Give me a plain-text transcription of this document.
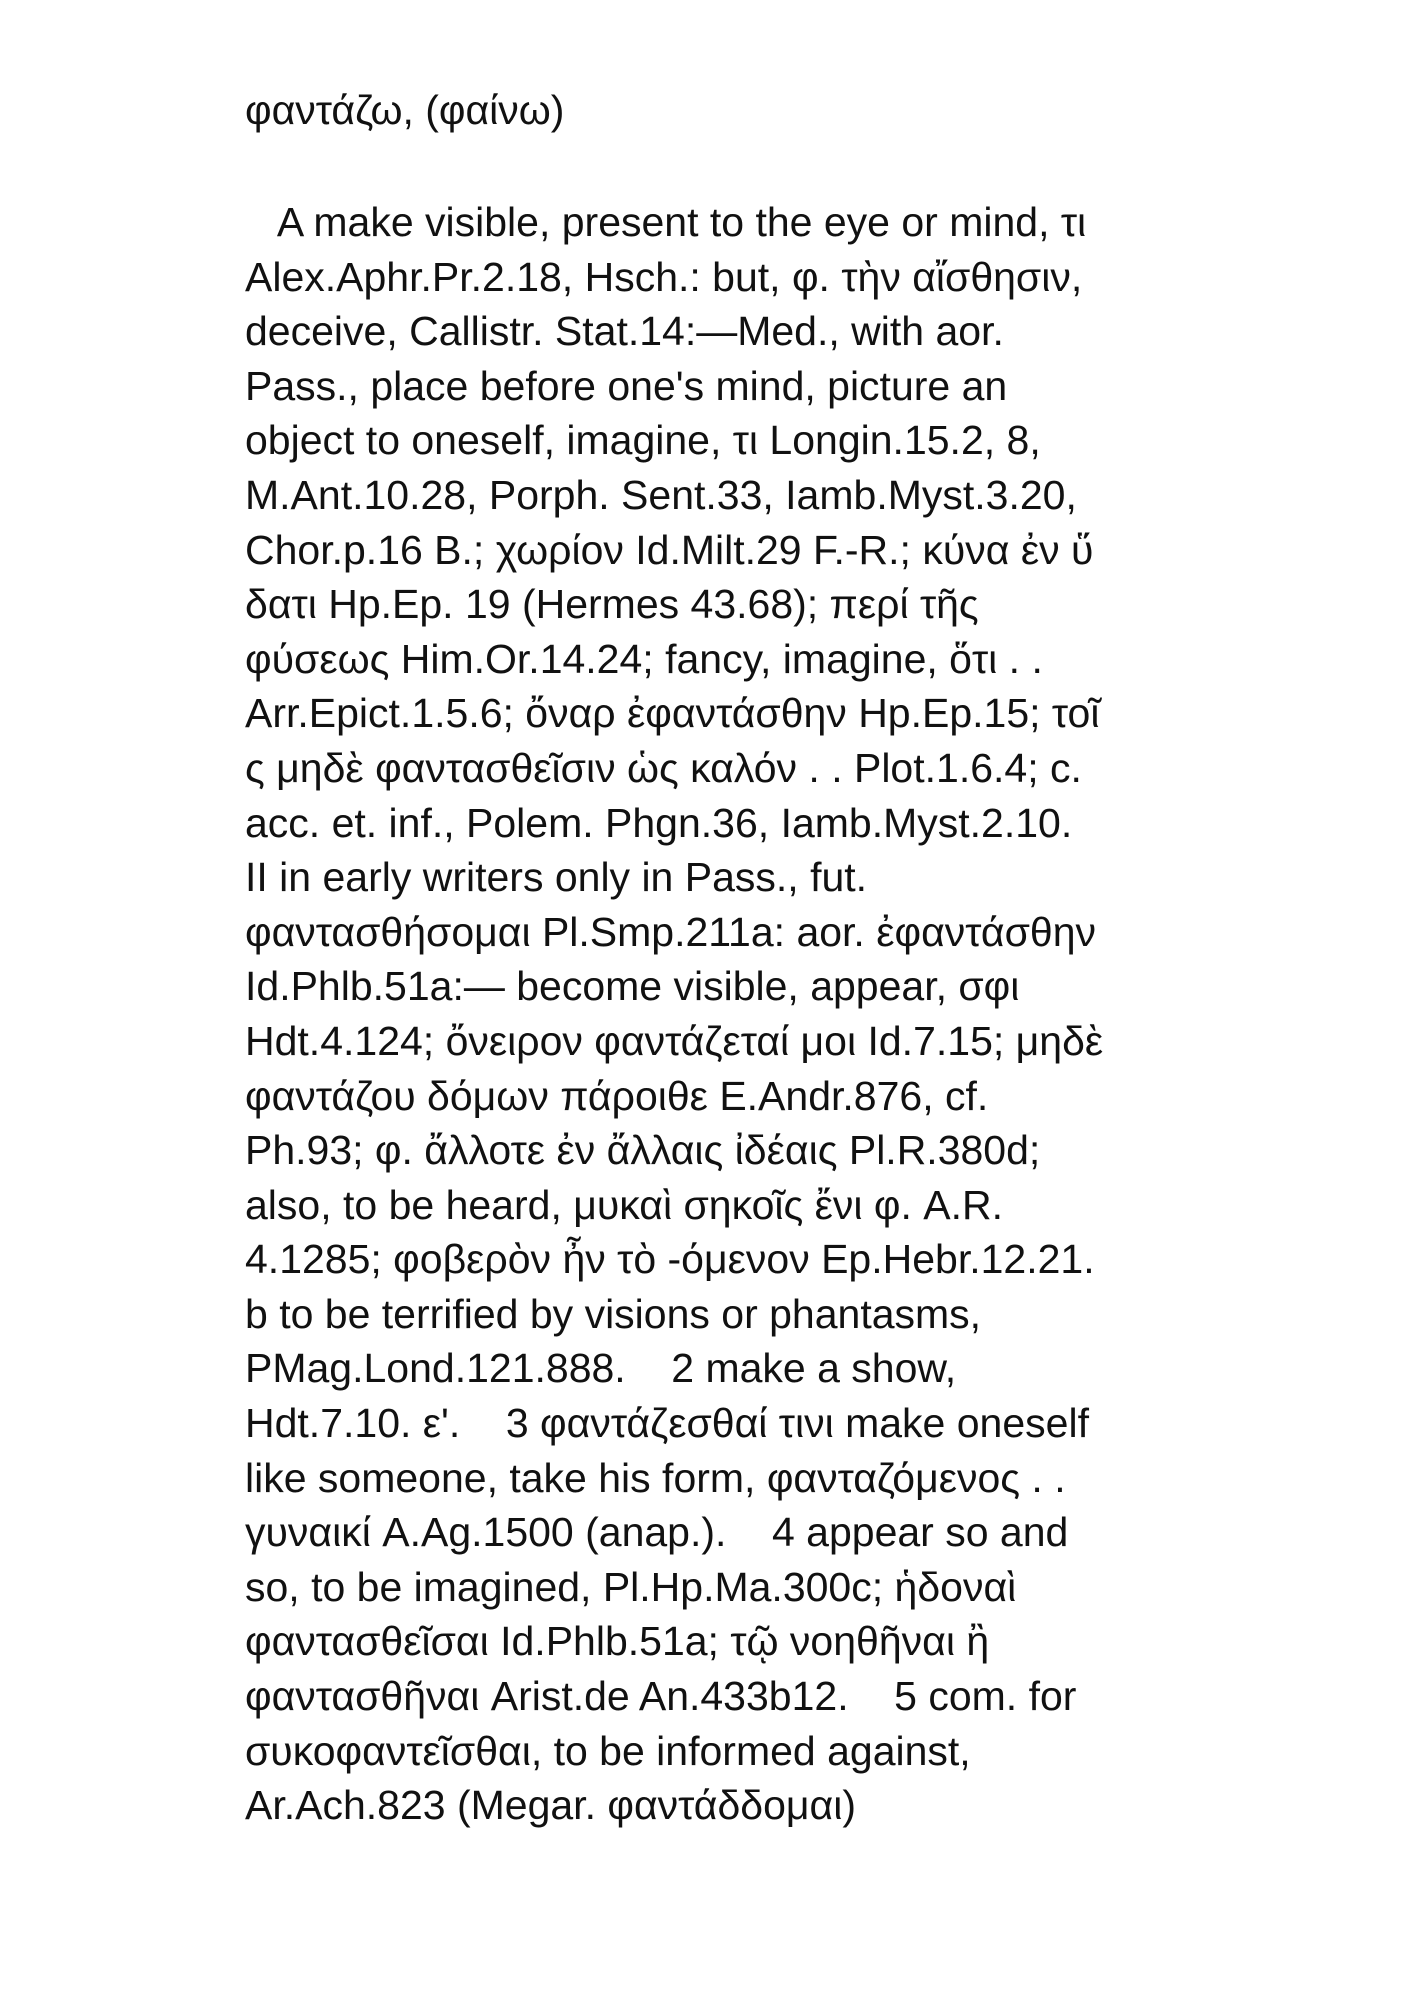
φαντάζω, (φαίνω)
A make visible, present to the eye or mind, τι
Alex.Aphr.Pr.2.18, Hsch.: but, φ. τὴν αἴσθησιν,
deceive, Callistr. Stat.14:—Med., with aor.
Pass., place before one's mind, picture an
object to oneself, imagine, τι Longin.15.2, 8,
M.Ant.10.28, Porph. Sent.33, Iamb.Myst.3.20,
Chor.p.16 B.; χωρίον Id.Milt.29 F.-R.; κύνα ἐν ὕ
δατι Hp.Ep. 19 (Hermes 43.68); περί τῆς
φύσεως Him.Or.14.24; fancy, imagine, ὅτι . .
Arr.Epict.1.5.6; ὄναρ ἐφαντάσθην Hp.Ep.15; τοῖ
ς μηδὲ φαντασθεῖσιν ὡς καλόν . . Plot.1.6.4; c.
acc. et. inf., Polem. Phgn.36, Iamb.Myst.2.10.
II in early writers only in Pass., fut.
φαντασθήσομαι Pl.Smp.211a: aor. ἐφαντάσθην
Id.Phlb.51a:— become visible, appear, σφι
Hdt.4.124; ὄνειρον φαντάζεταί μοι Id.7.15; μηδὲ
φαντάζου δόμων πάροιθε E.Andr.876, cf.
Ph.93; φ. ἄλλοτε ἐν ἄλλαις ἰδέαις Pl.R.380d;
also, to be heard, μυκαὶ σηκοῖς ἔνι φ. A.R.
4.1285; φοβερὸν ἦν τὸ -όμενον Ep.Hebr.12.21.
b to be terrified by visions or phantasms,
PMag.Lond.121.888.    2 make a show,
Hdt.7.10. ε'.    3 φαντάζεσθαί τινι make oneself
like someone, take his form, φανταζόμενος . .
γυναικί A.Ag.1500 (anap.).    4 appear so and
so, to be imagined, Pl.Hp.Ma.300c; ἡδοναὶ
φαντασθεῖσαι Id.Phlb.51a; τῷ νοηθῆναι ἢ
φαντασθῆναι Arist.de An.433b12.    5 com. for
συκοφαντεῖσθαι, to be informed against,
Ar.Ach.823 (Megar. φαντάδδομαι)
